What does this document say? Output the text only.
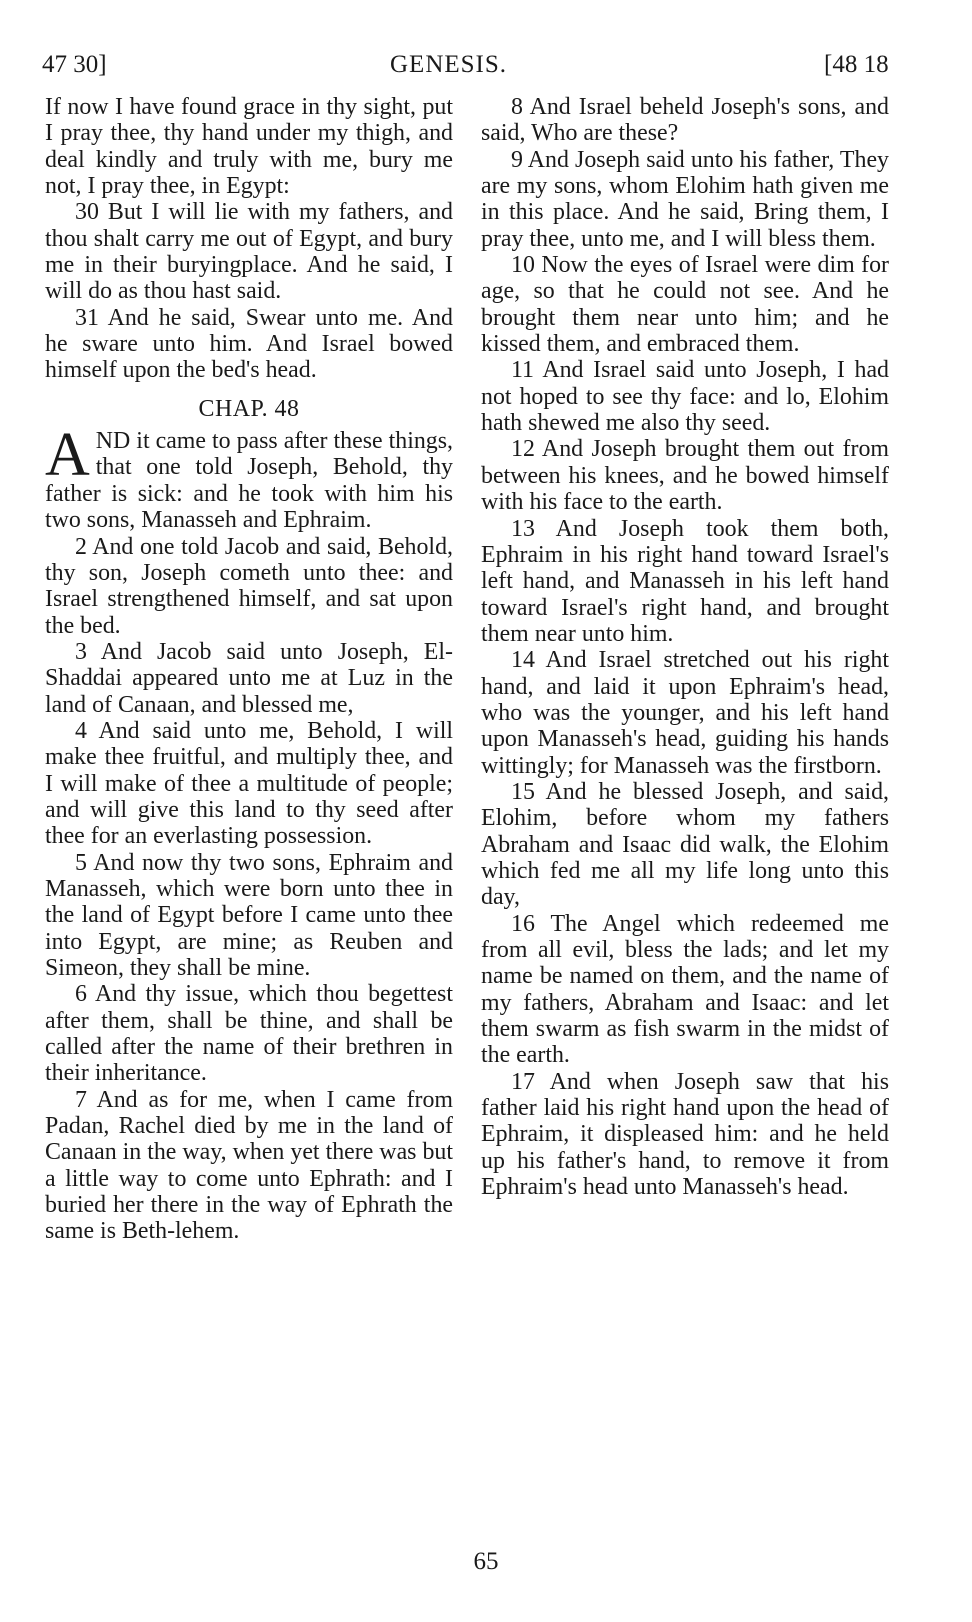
47 30]	GENESIS.	[48 18

If now I have found grace in thy sight, put I pray thee, thy hand under my thigh, and deal kindly and truly with me, bury me not, I pray thee, in Egypt:

30 But I will lie with my fathers, and thou shalt carry me out of Egypt, and bury me in their buryingplace. And he said, I will do as thou hast said.

31 And he said, Swear unto me. And he sware unto him. And Israel bowed himself upon the bed's head.

CHAP. 48

AND it came to pass after these things, that one told Joseph, Behold, thy father is sick: and he took with him his two sons, Manasseh and Ephraim.

2 And one told Jacob and said, Behold, thy son, Joseph cometh unto thee: and Israel strengthened himself, and sat upon the bed.

3 And Jacob said unto Joseph, El-Shaddai appeared unto me at Luz in the land of Canaan, and blessed me,

4 And said unto me, Behold, I will make thee fruitful, and multiply thee, and I will make of thee a multitude of people; and will give this land to thy seed after thee for an everlasting possession.

5 And now thy two sons, Ephraim and Manasseh, which were born unto thee in the land of Egypt before I came unto thee into Egypt, are mine; as Reuben and Simeon, they shall be mine.

6 And thy issue, which thou begettest after them, shall be thine, and shall be called after the name of their brethren in their inheritance.

7 And as for me, when I came from Padan, Rachel died by me in the land of Canaan in the way, when yet there was but a little way to come unto Ephrath: and I buried her there in the way of Ephrath the same is Beth-lehem.

8 And Israel beheld Joseph's sons, and said, Who are these?

9 And Joseph said unto his father, They are my sons, whom Elohim hath given me in this place. And he said, Bring them, I pray thee, unto me, and I will bless them.

10 Now the eyes of Israel were dim for age, so that he could not see. And he brought them near unto him; and he kissed them, and embraced them.

11 And Israel said unto Joseph, I had not hoped to see thy face: and lo, Elohim hath shewed me also thy seed.

12 And Joseph brought them out from between his knees, and he bowed himself with his face to the earth.

13 And Joseph took them both, Ephraim in his right hand toward Israel's left hand, and Manasseh in his left hand toward Israel's right hand, and brought them near unto him.

14 And Israel stretched out his right hand, and laid it upon Ephraim's head, who was the younger, and his left hand upon Manasseh's head, guiding his hands wittingly; for Manasseh was the firstborn.

15 And he blessed Joseph, and said, Elohim, before whom my fathers Abraham and Isaac did walk, the Elohim which fed me all my life long unto this day,

16 The Angel which redeemed me from all evil, bless the lads; and let my name be named on them, and the name of my fathers, Abraham and Isaac: and let them swarm as fish swarm in the midst of the earth.

17 And when Joseph saw that his father laid his right hand upon the head of Ephraim, it displeased him: and he held up his father's hand, to remove it from Ephraim's head unto Manasseh's head.

65
